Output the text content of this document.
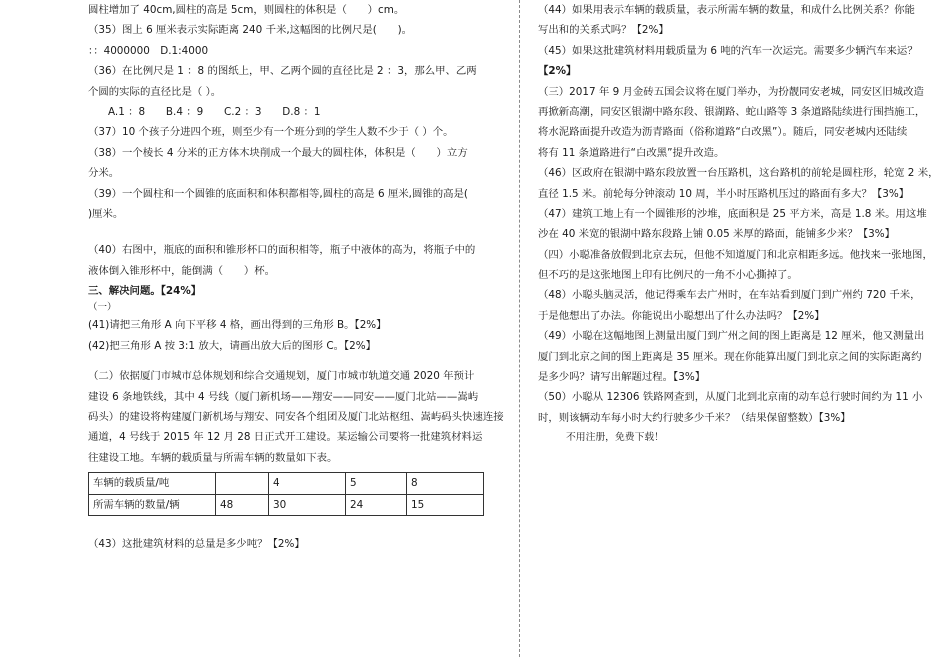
圆柱增加了 40cm,圆柱的高是 5cm，则圆柱的体积是（　　）cm。
（35）图上 6 厘米表示实际距离 240 千米,这幅图的比例尺是(　　)。
：：4000000　D.1:4000
（36）在比例尺是 1 ：8 的图纸上，甲、乙两个圆的直径比是 2 ：3，那么甲、乙两
个圆的实际的直径比是（ ）。
A.1 ：8　　B.4 ：9　　C.2 ：3　　D.8 ：1
（37）10 个孩子分进四个班，则至少有一个班分到的学生人数不少于（ ）个。
（38）一个棱长 4 分米的正方体木块削成一个最大的圆柱体，体积是（　　）立方
分米。
（39）一个圆柱和一个圆锥的底面积和体积都相等,圆柱的高是 6 厘米,圆锥的高是(
)厘米。
（40）右图中，瓶底的面积和锥形杯口的面积相等，瓶子中液体的高为，将瓶子中的
液体倒入锥形杯中，能倒满（　　）杯。
三、解决问题。【24%】
（一）
(41)请把三角形 A 向下平移 4 格，画出得到的三角形 B。【2%】
(42)把三角形 A 按 3:1 放大，请画出放大后的图形 C。【2%】
（二）依据厦门市城市总体规划和综合交通规划，厦门市城市轨道交通 2020 年预计
建设 6 条地铁线，其中 4 号线（厦门新机场——翔安——同安——厦门北站——嵩屿
码头）的建设将构建厦门新机场与翔安、同安各个组团及厦门北站枢纽、嵩屿码头快速连接
通道，4 号线于 2015 年 12 月 28 日正式开工建设。某运输公司要将一批建筑材料运
往建设工地。车辆的载质量与所需车辆的数量如下表。
车辆的载质量/吨		4	5	8
所需车辆的数量/辆	48	30	24	15
（43）这批建筑材料的总量是多少吨？【2%】
（44）如果用表示车辆的载质量，表示所需车辆的数量，和成什么比例关系？你能
写出和的关系式吗？【2%】
（45）如果这批建筑材料用载质量为 6 吨的汽车一次运完。需要多少辆汽车来运？
【2%】
（三）2017 年 9 月金砖五国会议将在厦门举办，为扮靓同安老城，同安区旧城改造
再掀新高潮，同安区银湖中路东段、银湖路、蛇山路等 3 条道路陆续进行围挡施工，
将水泥路面提升改造为沥青路面（俗称道路“白改黑”）。随后，同安老城内还陆续
将有 11 条道路进行“白改黑”提升改造。
（46）区政府在银湖中路东段放置一台压路机，这台路机的前轮是圆柱形，轮宽 2 米，
直径 1.5 米。前轮每分钟滚动 10 周，半小时压路机压过的路面有多大？【3%】
（47）建筑工地上有一个圆锥形的沙堆，底面积是 25 平方米，高是 1.8 米。用这堆
沙在 40 米宽的银湖中路东段路上铺 0.05 米厚的路面，能铺多少米？【3%】
（四）小聪准备放假到北京去玩，但他不知道厦门和北京相距多远。他找来一张地图，
但不巧的是这张地图上印有比例尺的一角不小心撕掉了。
（48）小聪头脑灵活，他记得乘车去广州时，在车站看到厦门到广州约 720 千米，
于是他想出了办法。你能说出小聪想出了什么办法吗？【2%】
（49）小聪在这幅地图上测量出厦门到广州之间的图上距离是 12 厘米，他又测量出
厦门到北京之间的图上距离是 35 厘米。现在你能算出厦门到北京之间的实际距离约
是多少吗？请写出解题过程。【3%】
（50）小聪从 12306 铁路网查到，从厦门北到北京南的动车总行驶时间约为 11 小
时，则该辆动车每小时大约行驶多少千米？（结果保留整数）【3%】
不用注册，免费下载！
